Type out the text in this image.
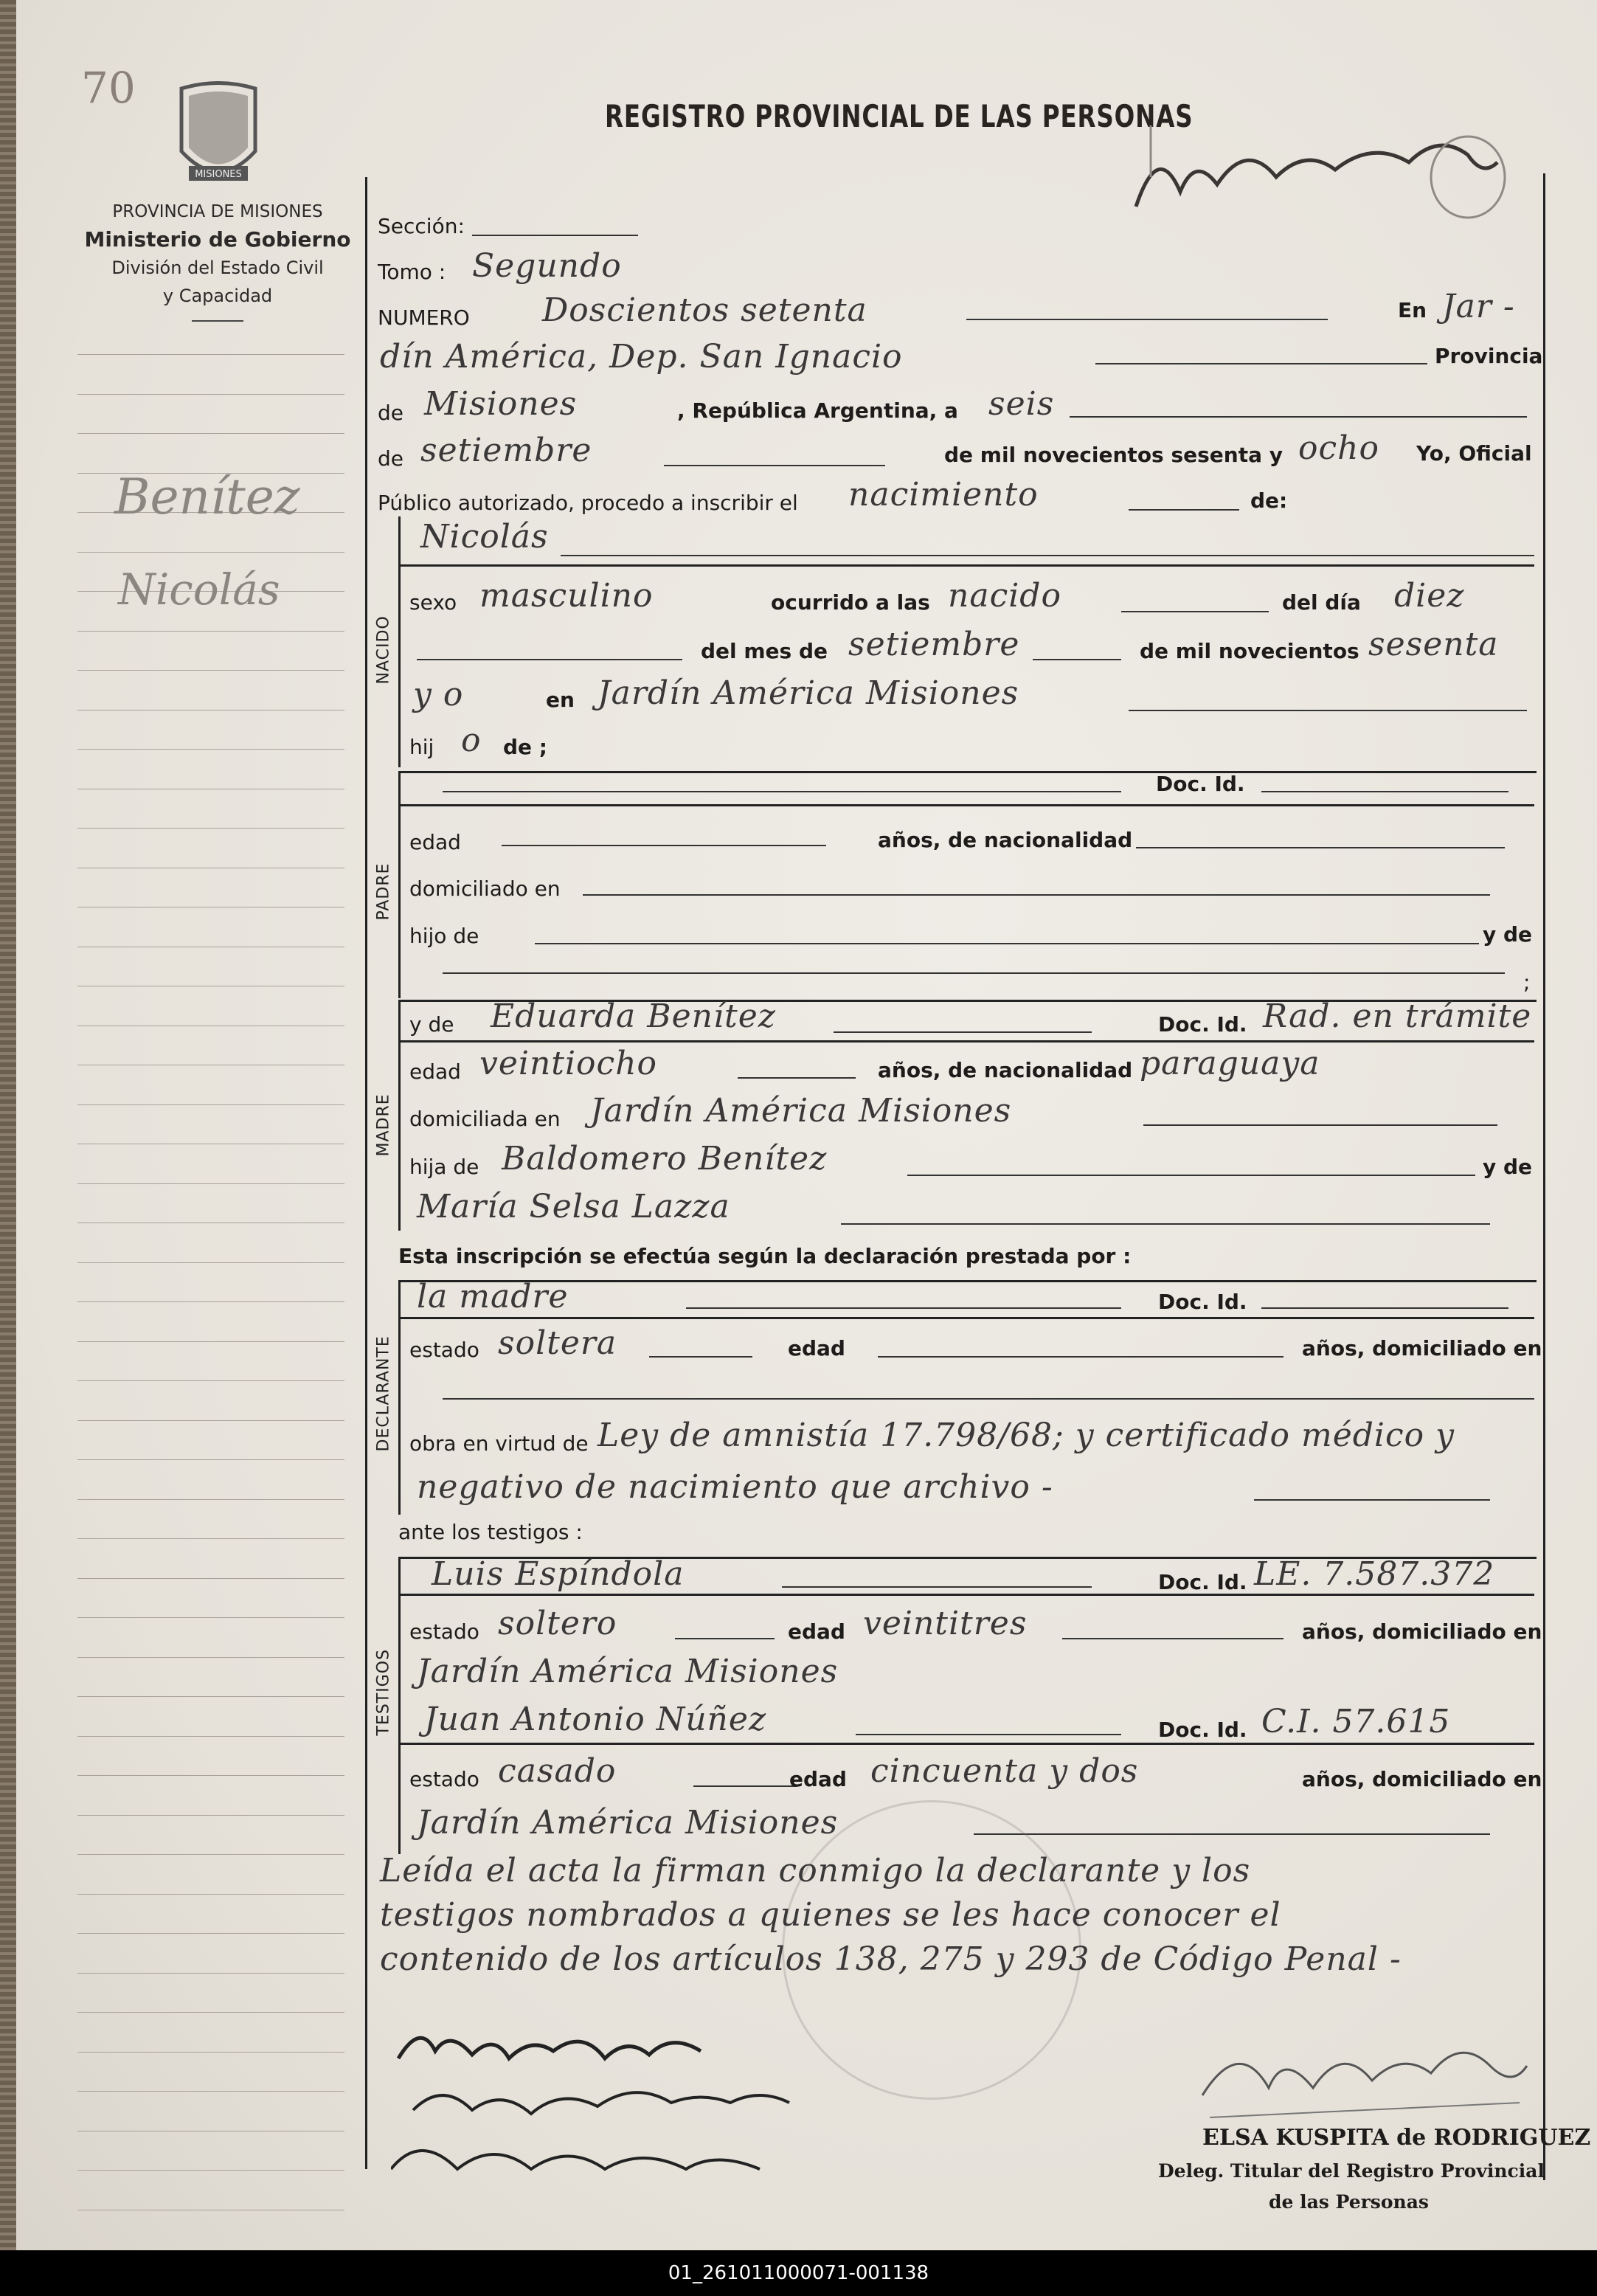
70
MISIONES
PROVINCIA DE MISIONES
Ministerio de Gobierno
División del Estado Civil
y Capacidad
REGISTRO PROVINCIAL DE LAS PERSONAS
Benítez
Nicolás
Sección:
Tomo : Segundo
NUMERO Doscientos setenta	En Jar -
dín América, Dep. San Ignacio	Provincia
de Misiones	, República Argentina, a seis
de setiembre	de mil novecientos sesenta y ocho Yo, Oficial
Público autorizado, procedo a inscribir el nacimiento	de:
NACIDO
Nicolás
sexo masculino	ocurrido a las nacido	del día diez
del mes de setiembre	de mil novecientos sesenta
y o	en Jardín América Misiones
hij o de ;
PADRE
Doc. Id.
edad	años, de nacionalidad
domiciliado en
hijo de	y de
;
MADRE
y de Eduarda Benítez	Doc. Id. Rad. en trámite
edad veintiocho	años, de nacionalidad paraguaya
domiciliada en Jardín América Misiones
hija de Baldomero Benítez	y de
María Selsa Lazza
Esta inscripción se efectúa según la declaración prestada por :
DECLARANTE
la madre	Doc. Id.
estado soltera	edad	años, domiciliado en
obra en virtud de Ley de amnistía 17.798/68; y certificado médico y
negativo de nacimiento que archivo -
ante los testigos :
TESTIGOS
Luis Espíndola	Doc. Id. LE. 7.587.372
estado soltero	edad veintitres	años, domiciliado en
Jardín América Misiones
Juan Antonio Núñez	Doc. Id. C.I. 57.615
estado casado	edad cincuenta y dos	años, domiciliado en
Jardín América Misiones
Leída el acta la firman conmigo la declarante y los
testigos nombrados a quienes se les hace conocer el
contenido de los artículos 138, 275 y 293 de Código Penal -
ELSA KUSPITA de RODRIGUEZ
Deleg. Titular del Registro Provincial
de las Personas
01_261011000071-001138
